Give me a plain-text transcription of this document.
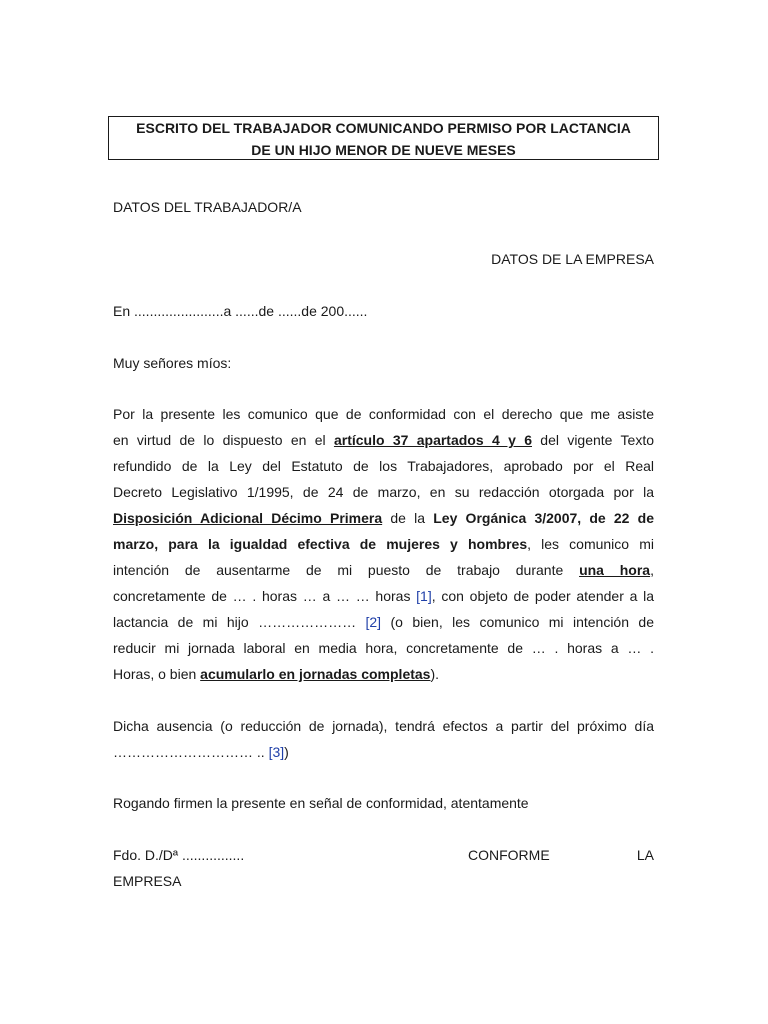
ESCRITO DEL TRABAJADOR COMUNICANDO PERMISO POR LACTANCIA
DE UN HIJO MENOR DE NUEVE MESES
DATOS DEL TRABAJADOR/A
DATOS DE LA EMPRESA
En .......................a ......de ......de 200......
Muy señores míos:
Por la presente les comunico que de conformidad con el derecho que me asiste
en virtud de lo dispuesto en el artículo 37 apartados 4 y 6 del vigente Texto
refundido de la Ley del Estatuto de los Trabajadores, aprobado por el Real
Decreto Legislativo 1/1995, de 24 de marzo, en su redacción otorgada por la
Disposición Adicional Décimo Primera de la Ley Orgánica 3/2007, de 22 de
marzo, para la igualdad efectiva de mujeres y hombres, les comunico mi
intención de ausentarme de mi puesto de trabajo durante una hora,
concretamente de … . horas … a … … horas [1], con objeto de poder atender a la
lactancia de mi hijo ………………… [2] (o bien, les comunico mi intención de
reducir mi jornada laboral en media hora, concretamente de … . horas a … .
Horas, o bien acumularlo en jornadas completas).
Dicha ausencia (o reducción de jornada), tendrá efectos a partir del próximo día
………………………… .. [3])
Rogando firmen la presente en señal de conformidad, atentamente
Fdo. D./Dª ................	CONFORME	LA
EMPRESA
